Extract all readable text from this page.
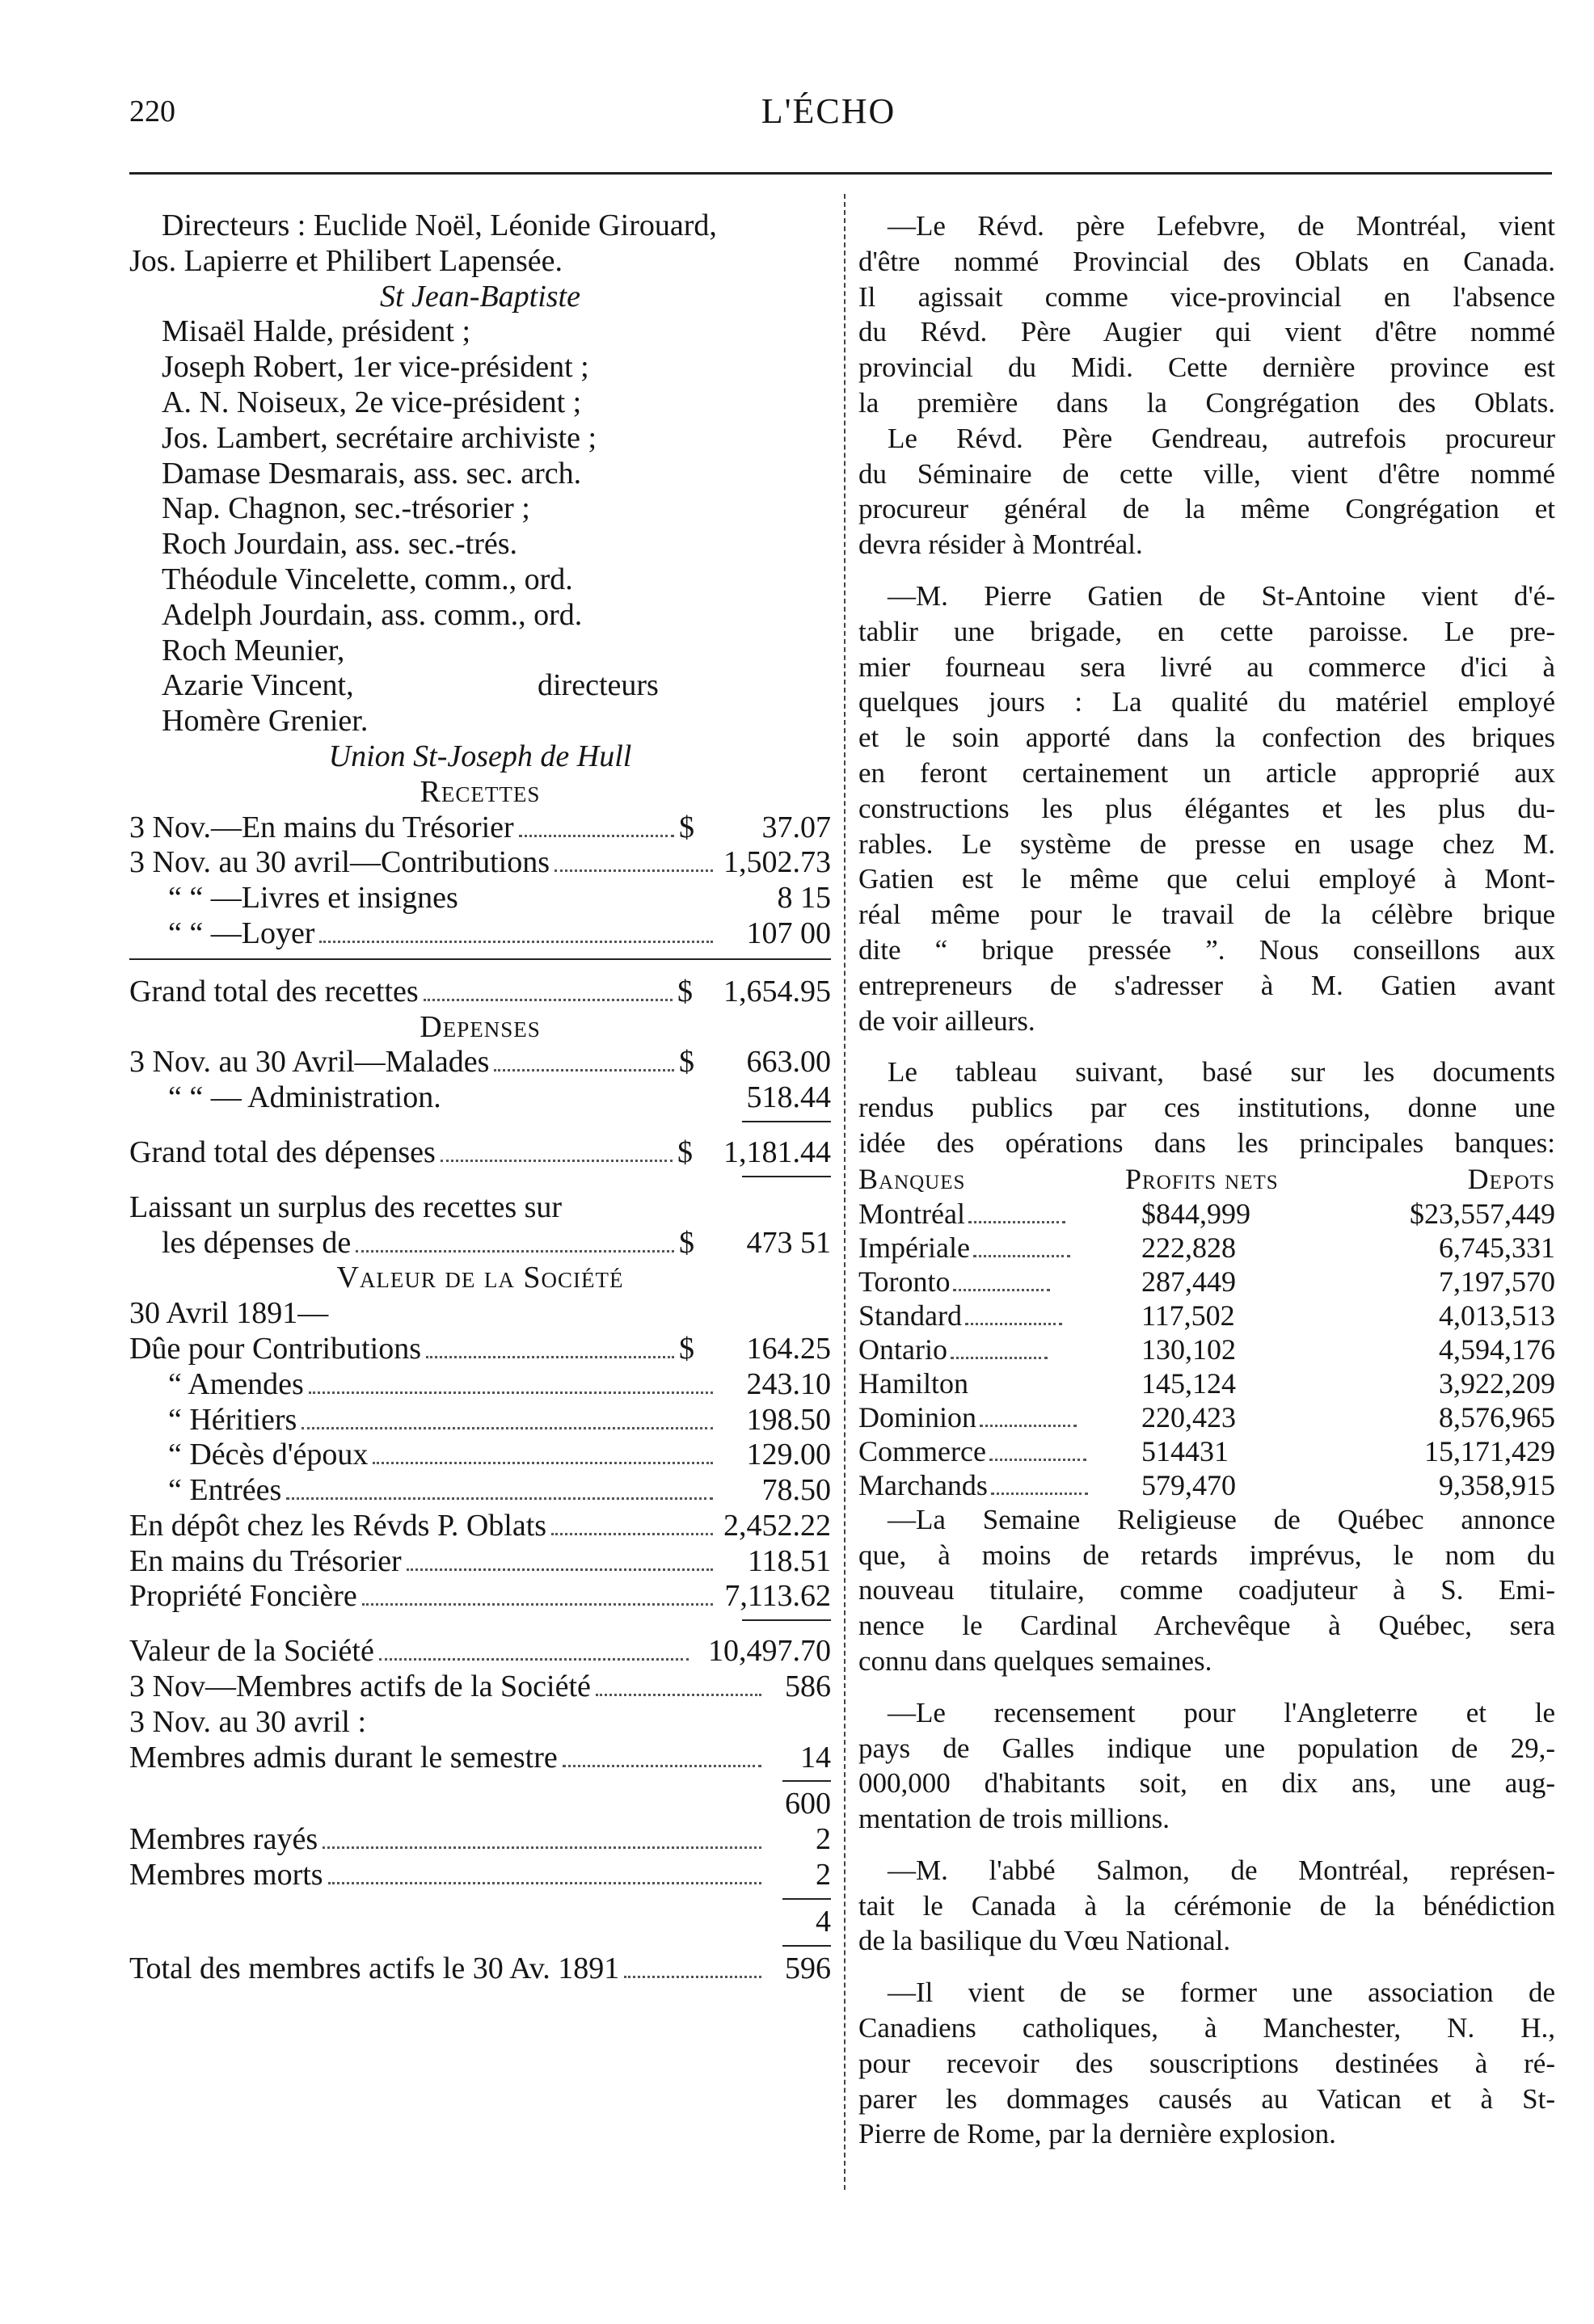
220	L'ÉCHO
Directeurs : Euclide Noël, Léonide Girouard,
Jos. Lapierre et Philibert Lapensée.
St Jean-Baptiste
Misaël Halde, président ;
Joseph Robert, 1er vice-président ;
A. N. Noiseux, 2e vice-président ;
Jos. Lambert, secrétaire archiviste ;
Damase Desmarais, ass. sec. arch.
Nap. Chagnon, sec.-trésorier ;
Roch Jourdain, ass. sec.-trés.
Théodule Vincelette, comm., ord.
Adelph Jourdain, ass. comm., ord.
Roch Meunier,
Azarie Vincent,	directeurs
Homère Grenier.
Union St-Joseph de Hull
Recettes
3 Nov.—En mains du Trésorier	$	37.07
3 Nov. au 30 avril—Contributions	1,502.73
“ “ —Livres et insignes	8 15
“ “ —Loyer	107 00
Grand total des recettes	$	1,654.95
Depenses
3 Nov. au 30 Avril—Malades	$	663.00
“ “ — Administration.	518.44
Grand total des dépenses	$	1,181.44
Laissant un surplus des recettes sur
les dépenses de	$	473 51
Valeur de la Société
30 Avril 1891—
Dûe pour Contributions	$	164.25
“ Amendes	243.10
“ Héritiers	198.50
“ Décès d'époux	129.00
“ Entrées	78.50
En dépôt chez les Révds P. Oblats	2,452.22
En mains du Trésorier	118.51
Propriété Foncière	7,113.62
Valeur de la Société	10,497.70
3 Nov—Membres actifs de la Société	586
3 Nov. au 30 avril :
Membres admis durant le semestre	14
600
Membres rayés	2
Membres morts	2
4
Total des membres actifs le 30 Av. 1891	596
—Le Révd. père Lefebvre, de Montréal, vient
d'être nommé Provincial des Oblats en Canada.
Il agissait comme vice-provincial en l'absence
du Révd. Père Augier qui vient d'être nommé
provincial du Midi. Cette dernière province est
la première dans la Congrégation des Oblats.
Le Révd. Père Gendreau, autrefois procureur
du Séminaire de cette ville, vient d'être nommé
procureur général de la même Congrégation et
devra résider à Montréal.
—M. Pierre Gatien de St-Antoine vient d'é-
tablir une brigade, en cette paroisse. Le pre-
mier fourneau sera livré au commerce d'ici à
quelques jours : La qualité du matériel employé
et le soin apporté dans la confection des briques
en feront certainement un article approprié aux
constructions les plus élégantes et les plus du-
rables. Le système de presse en usage chez M.
Gatien est le même que celui employé à Mont-
réal même pour le travail de la célèbre brique
dite “ brique pressée ”. Nous conseillons aux
entrepreneurs de s'adresser à M. Gatien avant
de voir ailleurs.
Le tableau suivant, basé sur les documents
rendus publics par ces institutions, donne une
idée des opérations dans les principales banques:
Banques	Profits nets	Depots
Montréal	$844,999	$23,557,449
Impériale	222,828	6,745,331
Toronto	287,449	7,197,570
Standard	117,502	4,013,513
Ontario	130,102	4,594,176
Hamilton	145,124	3,922,209
Dominion	220,423	8,576,965
Commerce	514431	15,171,429
Marchands	579,470	9,358,915
—La Semaine Religieuse de Québec annonce
que, à moins de retards imprévus, le nom du
nouveau titulaire, comme coadjuteur à S. Emi-
nence le Cardinal Archevêque à Québec, sera
connu dans quelques semaines.
—Le recensement pour l'Angleterre et le
pays de Galles indique une population de 29,-
000,000 d'habitants soit, en dix ans, une aug-
mentation de trois millions.
—M. l'abbé Salmon, de Montréal, représen-
tait le Canada à la cérémonie de la bénédiction
de la basilique du Vœu National.
—Il vient de se former une association de
Canadiens catholiques, à Manchester, N. H.,
pour recevoir des souscriptions destinées à ré-
parer les dommages causés au Vatican et à St-
Pierre de Rome, par la dernière explosion.
